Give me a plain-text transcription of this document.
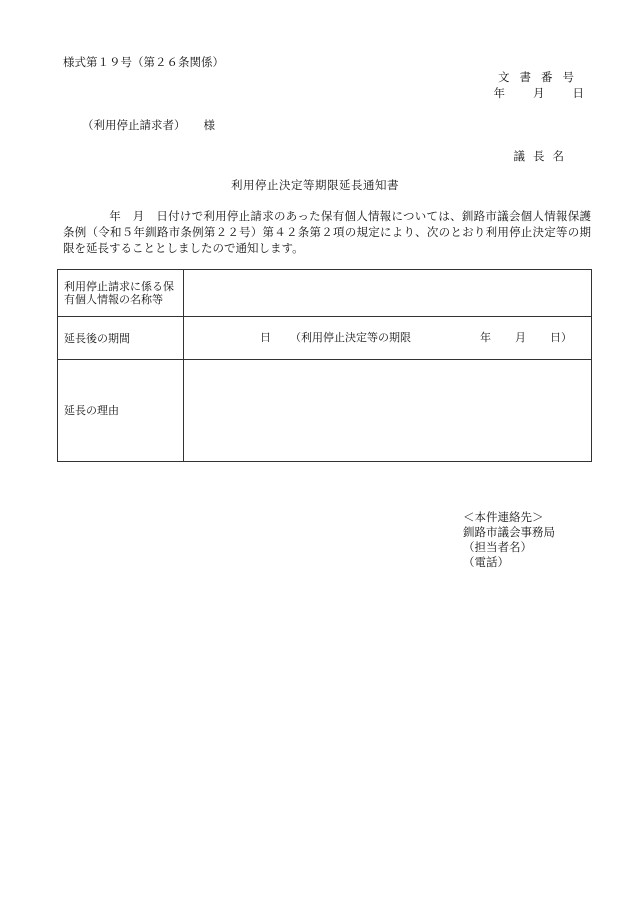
様式第１９号（第２６条関係）
文書番号
年 月 日
（利用停止請求者） 様
議長名
利用停止決定等期限延長通知書
年　月　日付けで利用停止請求のあった保有個人情報については、釧路市議会個人情報保護条例（令和５年釧路市条例第２２号）第４２条第２項の規定により、次のとおり利用停止決定等の期限を延長することとしましたので通知します。
利用停止請求に係る保有個人情報の名称等	
延長後の期間	日 （利用停止決定等の期限 年 月 日）

延長の理由	
＜本件連絡先＞
釧路市議会事務局
（担当者名）
（電話）
